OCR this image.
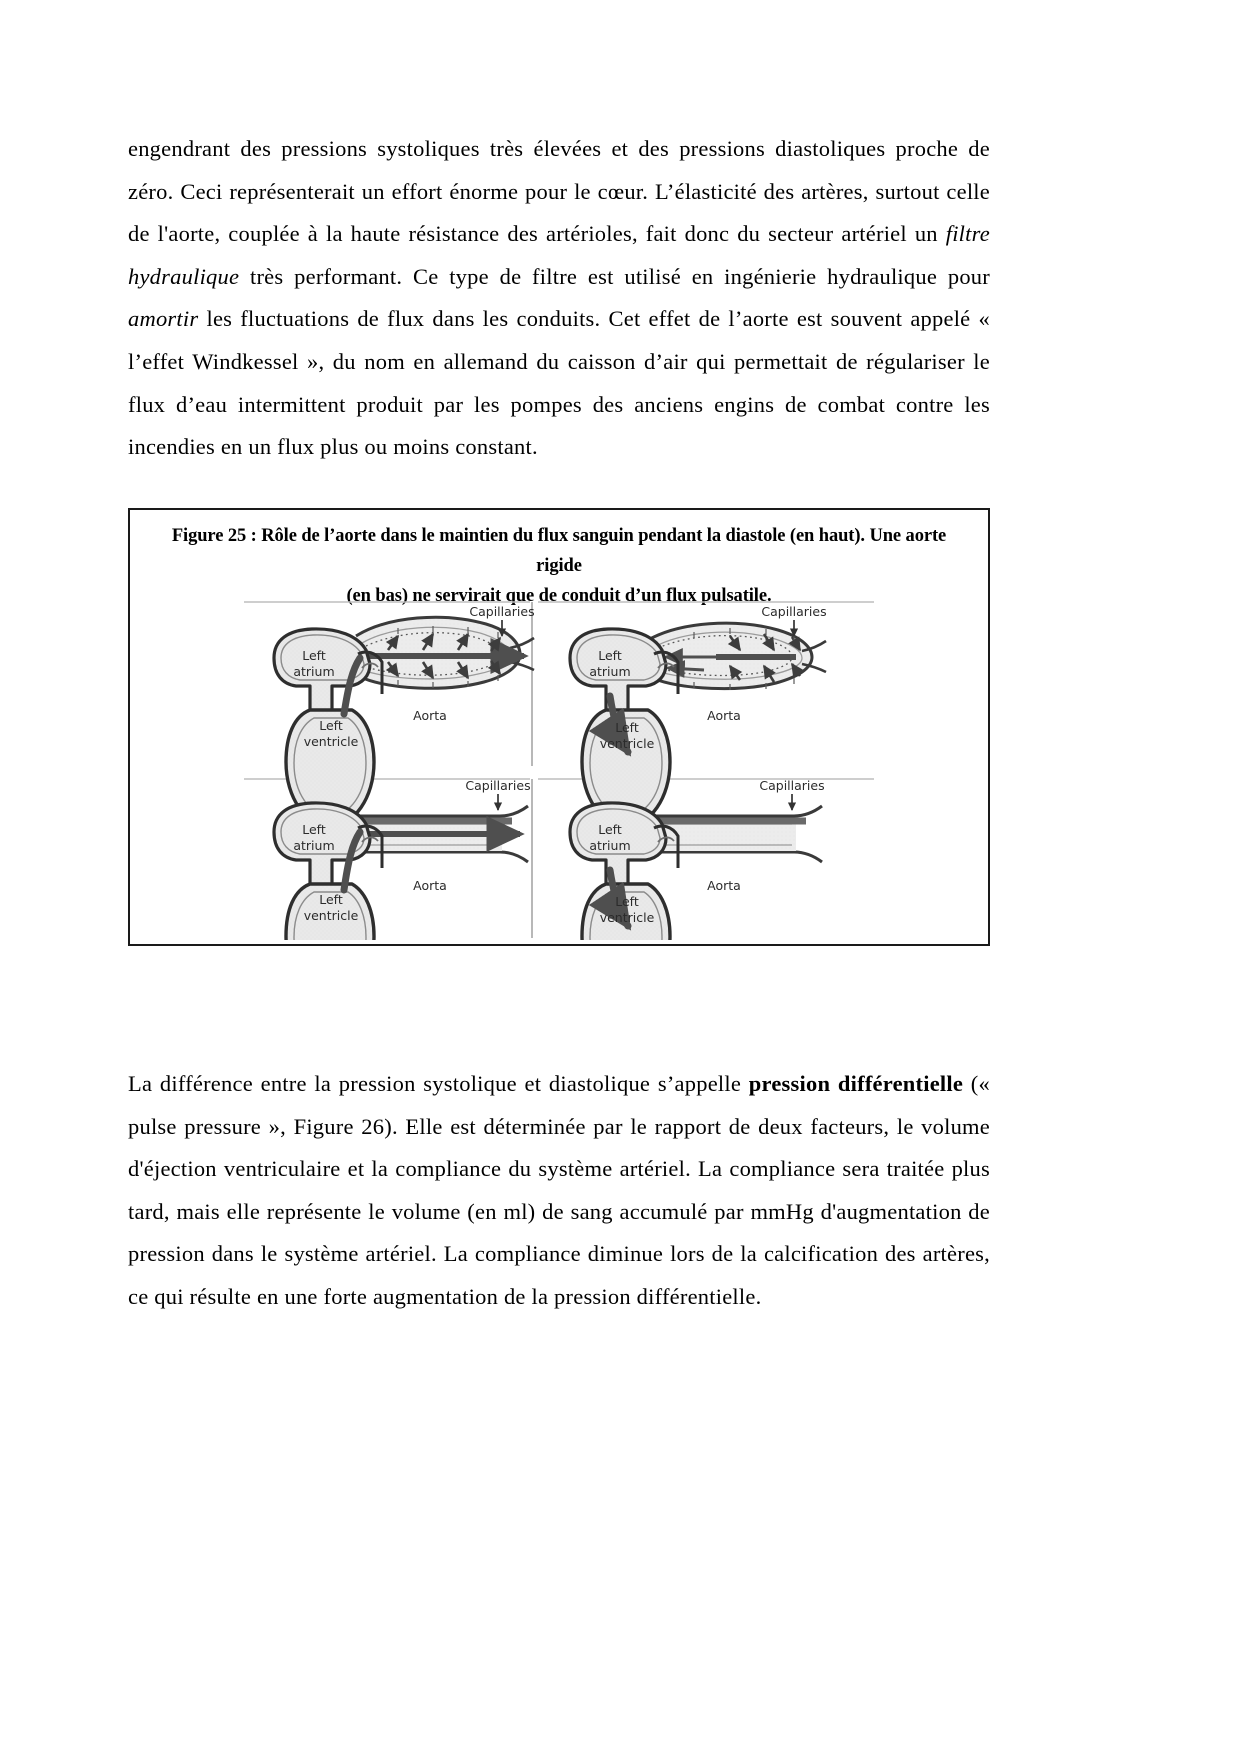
engendrant des pressions systoliques très élevées et des pressions diastoliques proche de zéro. Ceci représenterait un effort énorme pour le cœur. L’élasticité des artères, surtout celle de l'aorte, couplée à la haute résistance des artérioles, fait donc du secteur artériel un filtre hydraulique très performant. Ce type de filtre est utilisé en ingénierie hydraulique pour amortir les fluctuations de flux dans les conduits. Cet effet de l’aorte est souvent appelé « l’effet Windkessel », du nom en allemand du caisson d’air qui permettait de régulariser le flux d’eau intermittent produit par les pompes des anciens engins de combat contre les incendies en un flux plus ou moins constant.

Figure 25 : Rôle de l’aorte dans le maintien du flux sanguin pendant la diastole (en haut). Une aorte rigide
(en bas) ne servirait que de conduit d’un flux pulsatile.
Left
atrium
Left
ventricle
Aorta
Capillaries
Left
atrium
Left
ventricle
Aorta
Capillaries
Left
atrium
Left
ventricle
Aorta
Capillaries
Left
atrium
Left
ventricle
Aorta
Capillaries

La différence entre la pression systolique et diastolique s’appelle pression différentielle (« pulse pressure », Figure 26). Elle est déterminée par le rapport de deux facteurs, le volume d'éjection ventriculaire et la compliance du système artériel. La compliance sera traitée plus tard, mais elle représente le volume (en ml) de sang accumulé par mmHg d'augmentation de pression dans le système artériel. La compliance diminue lors de la calcification des artères, ce qui résulte en une forte augmentation de la pression différentielle.
